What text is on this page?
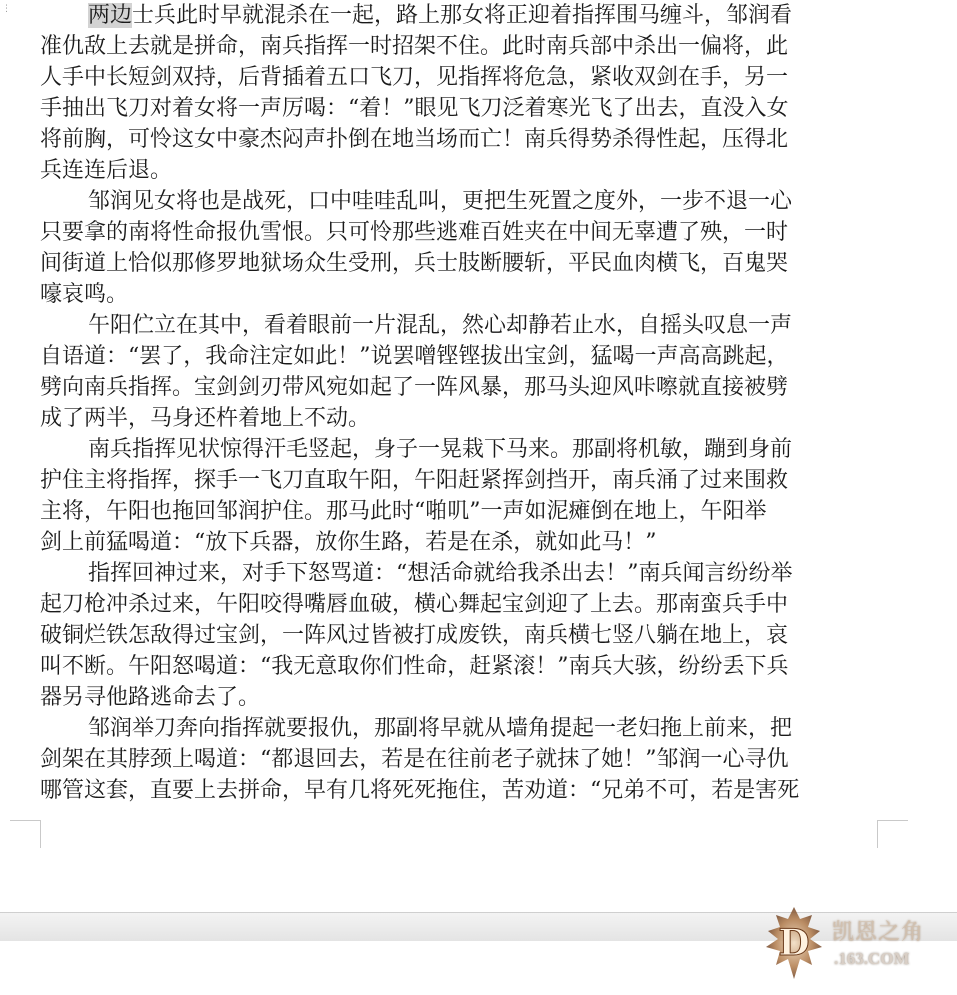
⋮	两边士兵此时早就混杀在一起，路上那女将正迎着指挥围马缠斗，邹润看
准仇敌上去就是拼命，南兵指挥一时招架不住。此时南兵部中杀出一偏将，此
人手中长短剑双持，后背插着五口飞刀，见指挥将危急，紧收双剑在手，另一
手抽出飞刀对着女将一声厉喝：“着！”眼见飞刀泛着寒光飞了出去，直没入女
将前胸，可怜这女中豪杰闷声扑倒在地当场而亡！南兵得势杀得性起，压得北
兵连连后退。
邹润见女将也是战死，口中哇哇乱叫，更把生死置之度外，一步不退一心
只要拿的南将性命报仇雪恨。只可怜那些逃难百姓夹在中间无辜遭了殃，一时
间街道上恰似那修罗地狱场众生受刑，兵士肢断腰斩，平民血肉横飞，百鬼哭
嚎哀鸣。
午阳伫立在其中，看着眼前一片混乱，然心却静若止水，自摇头叹息一声
自语道：“罢了，我命注定如此！”说罢噌铿铿拔出宝剑，猛喝一声高高跳起，
劈向南兵指挥。宝剑剑刃带风宛如起了一阵风暴，那马头迎风咔嚓就直接被劈
成了两半，马身还杵着地上不动。
南兵指挥见状惊得汗毛竖起，身子一晃栽下马来。那副将机敏，蹦到身前
护住主将指挥，探手一飞刀直取午阳，午阳赶紧挥剑挡开，南兵涌了过来围救
主将，午阳也拖回邹润护住。那马此时“啪叽”一声如泥瘫倒在地上，午阳举
剑上前猛喝道：“放下兵器，放你生路，若是在杀，就如此马！”
指挥回神过来，对手下怒骂道：“想活命就给我杀出去！”南兵闻言纷纷举
起刀枪冲杀过来，午阳咬得嘴唇血破，横心舞起宝剑迎了上去。那南蛮兵手中
破铜烂铁怎敌得过宝剑，一阵风过皆被打成废铁，南兵横七竖八躺在地上，哀
叫不断。午阳怒喝道：“我无意取你们性命，赶紧滚！”南兵大骇，纷纷丢下兵
器另寻他路逃命去了。
邹润举刀奔向指挥就要报仇，那副将早就从墙角提起一老妇拖上前来，把
剑架在其脖颈上喝道：“都退回去，若是在往前老子就抹了她！”邹润一心寻仇
哪管这套，直要上去拼命，早有几将死死拖住，苦劝道：“兄弟不可，若是害死
D 凯恩之角
.163.COM
